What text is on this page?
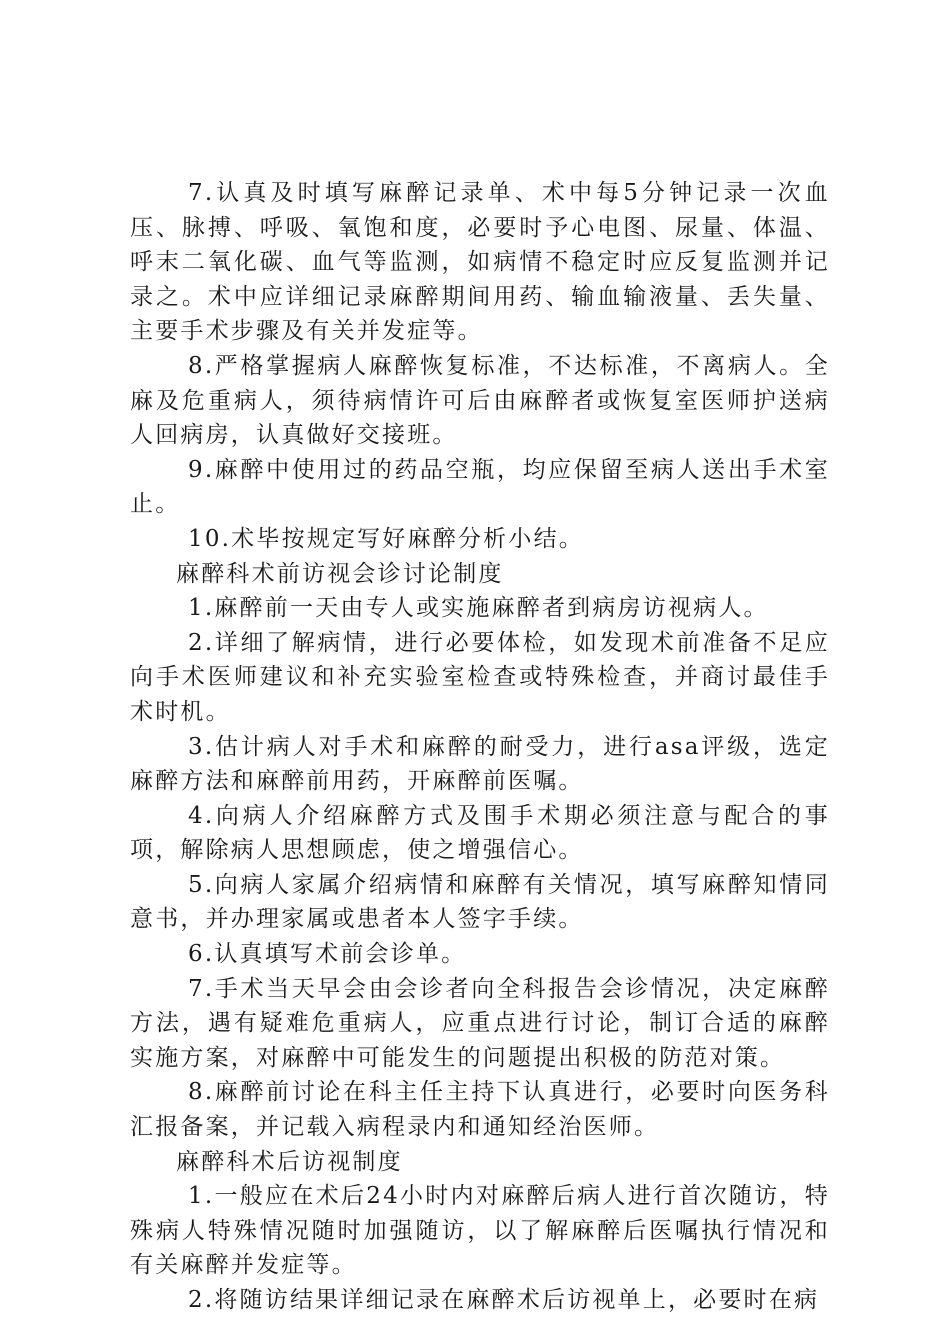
7.认真及时填写麻醉记录单、术中每5分钟记录一次血压、脉搏、呼吸、氧饱和度，必要时予心电图、尿量、体温、呼末二氧化碳、血气等监测，如病情不稳定时应反复监测并记录之。术中应详细记录麻醉期间用药、输血输液量、丢失量、主要手术步骤及有关并发症等。

8.严格掌握病人麻醉恢复标准，不达标准，不离病人。全麻及危重病人，须待病情许可后由麻醉者或恢复室医师护送病人回病房，认真做好交接班。

9.麻醉中使用过的药品空瓶，均应保留至病人送出手术室止。

10.术毕按规定写好麻醉分析小结。

麻醉科术前访视会诊讨论制度

1.麻醉前一天由专人或实施麻醉者到病房访视病人。

2.详细了解病情，进行必要体检，如发现术前准备不足应向手术医师建议和补充实验室检查或特殊检查，并商讨最佳手术时机。

3.估计病人对手术和麻醉的耐受力，进行asa评级，选定麻醉方法和麻醉前用药，开麻醉前医嘱。

4.向病人介绍麻醉方式及围手术期必须注意与配合的事项，解除病人思想顾虑，使之增强信心。

5.向病人家属介绍病情和麻醉有关情况，填写麻醉知情同意书，并办理家属或患者本人签字手续。

6.认真填写术前会诊单。

7.手术当天早会由会诊者向全科报告会诊情况，决定麻醉方法，遇有疑难危重病人，应重点进行讨论，制订合适的麻醉实施方案，对麻醉中可能发生的问题提出积极的防范对策。

8.麻醉前讨论在科主任主持下认真进行，必要时向医务科汇报备案，并记载入病程录内和通知经治医师。

麻醉科术后访视制度

1.一般应在术后24小时内对麻醉后病人进行首次随访，特殊病人特殊情况随时加强随访，以了解麻醉后医嘱执行情况和有关麻醉并发症等。

2.将随访结果详细记录在麻醉术后访视单上，必要时在病
